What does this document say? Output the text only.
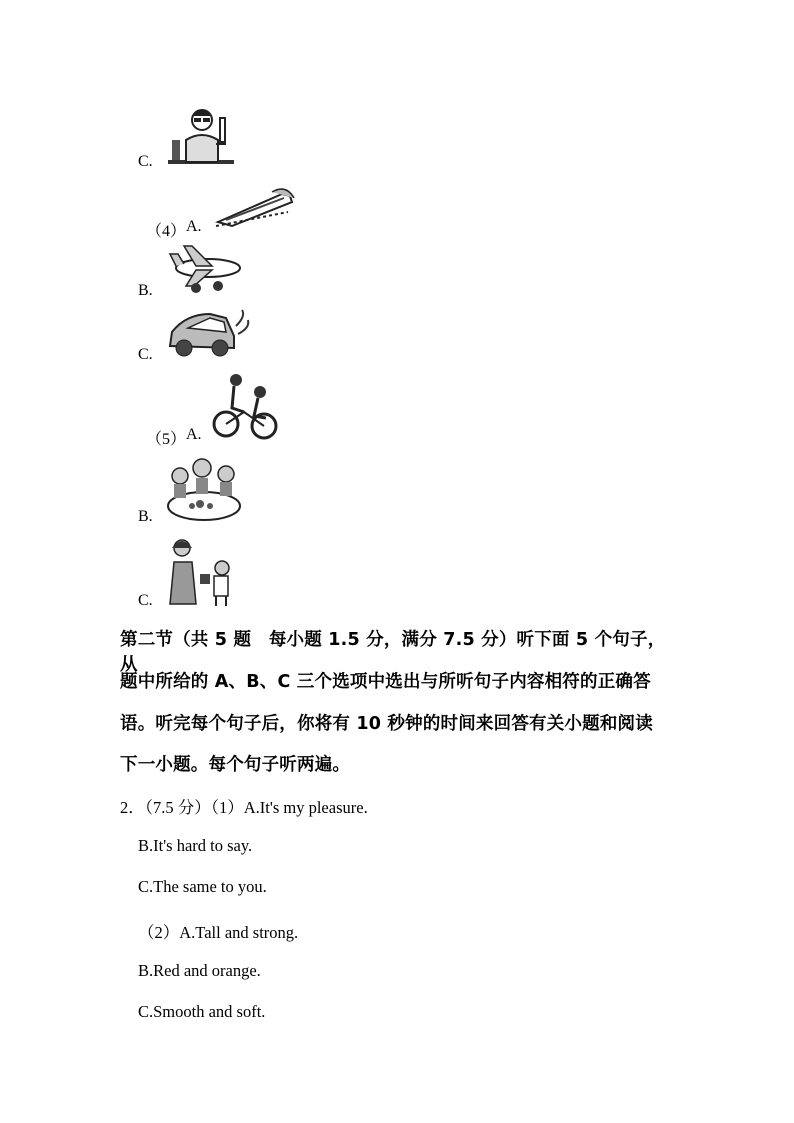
C.
（4） A.
B.
C.
（5） A.
B.
C.
第二节（共 5 题　每小题 1.5 分，满分 7.5 分）听下面 5 个句子，从
题中所给的 A、B、C 三个选项中选出与所听句子内容相符的正确答
语。听完每个句子后，你将有 10 秒钟的时间来回答有关小题和阅读
下一小题。每个句子听两遍。
2．（7.5 分）（1）A.It's my pleasure.
B.It's hard to say.
C.The same to you.
（2）A.Tall and strong.
B.Red and orange.
C.Smooth and soft.
